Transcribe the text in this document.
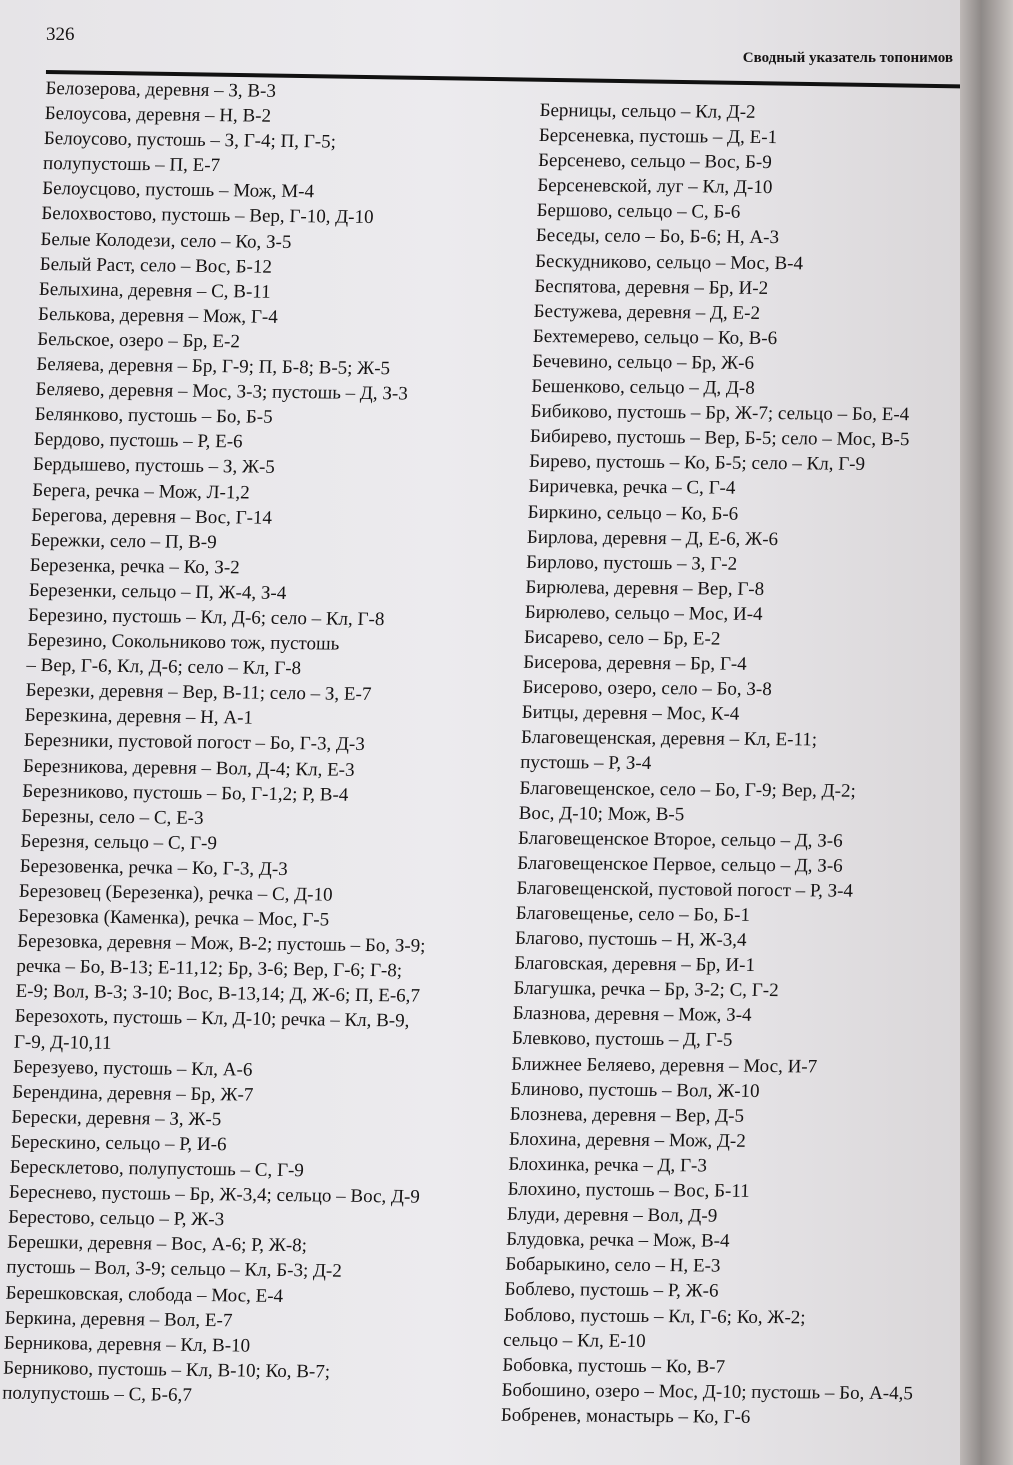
326
Сводный указатель топонимов
Белозерова, деревня – З, В-3
Белоусова, деревня – Н, В-2
Белоусово, пустошь – З, Г-4; П, Г-5;
полупустошь – П, Е-7
Белоусцово, пустошь – Мож, М-4
Белохвостово, пустошь – Вер, Г-10, Д-10
Белые Колодези, село – Ко, З-5
Белый Раст, село – Вос, Б-12
Белыхина, деревня – С, В-11
Белькова, деревня – Мож, Г-4
Бельское, озеро – Бр, Е-2
Беляева, деревня – Бр, Г-9; П, Б-8; В-5; Ж-5
Беляево, деревня – Мос, З-3; пустошь – Д, З-3
Белянково, пустошь – Бо, Б-5
Бердово, пустошь – Р, Е-6
Бердышево, пустошь – З, Ж-5
Берега, речка – Мож, Л-1,2
Берегова, деревня – Вос, Г-14
Бережки, село – П, В-9
Березенка, речка – Ко, З-2
Березенки, сельцо – П, Ж-4, З-4
Березино, пустошь – Кл, Д-6; село – Кл, Г-8
Березино, Сокольниково тож, пустошь
– Вер, Г-6, Кл, Д-6; село – Кл, Г-8
Березки, деревня – Вер, В-11; село – З, Е-7
Березкина, деревня – Н, А-1
Березники, пустовой погост – Бо, Г-3, Д-3
Березникова, деревня – Вол, Д-4; Кл, Е-3
Березниково, пустошь – Бо, Г-1,2; Р, В-4
Березны, село – С, Е-3
Березня, сельцо – С, Г-9
Березовенка, речка – Ко, Г-3, Д-3
Березовец (Березенка), речка – С, Д-10
Березовка (Каменка), речка – Мос, Г-5
Березовка, деревня – Мож, В-2; пустошь – Бо, З-9;
речка – Бо, В-13; Е-11,12; Бр, З-6; Вер, Г-6; Г-8;
Е-9; Вол, В-3; З-10; Вос, В-13,14; Д, Ж-6; П, Е-6,7
Березохоть, пустошь – Кл, Д-10; речка – Кл, В-9,
Г-9, Д-10,11
Березуево, пустошь – Кл, А-6
Берендина, деревня – Бр, Ж-7
Берески, деревня – З, Ж-5
Берескино, сельцо – Р, И-6
Бересклетово, полупустошь – С, Г-9
Береснево, пустошь – Бр, Ж-3,4; сельцо – Вос, Д-9
Берестово, сельцо – Р, Ж-3
Берешки, деревня – Вос, А-6; Р, Ж-8;
пустошь – Вол, З-9; сельцо – Кл, Б-3; Д-2
Берешковская, слобода – Мос, Е-4
Беркина, деревня – Вол, Е-7
Берникова, деревня – Кл, В-10
Берниково, пустошь – Кл, В-10; Ко, В-7;
полупустошь – С, Б-6,7
Берницы, сельцо – Кл, Д-2
Берсеневка, пустошь – Д, Е-1
Берсенево, сельцо – Вос, Б-9
Берсеневской, луг – Кл, Д-10
Бершово, сельцо – С, Б-6
Беседы, село – Бо, Б-6; Н, А-3
Бескудниково, сельцо – Мос, В-4
Беспятова, деревня – Бр, И-2
Бестужева, деревня – Д, Е-2
Бехтемерево, сельцо – Ко, В-6
Бечевино, сельцо – Бр, Ж-6
Бешенково, сельцо – Д, Д-8
Бибиково, пустошь – Бр, Ж-7; сельцо – Бо, Е-4
Бибирево, пустошь – Вер, Б-5; село – Мос, В-5
Бирево, пустошь – Ко, Б-5; село – Кл, Г-9
Биричевка, речка – С, Г-4
Биркино, сельцо – Ко, Б-6
Бирлова, деревня – Д, Е-6, Ж-6
Бирлово, пустошь – З, Г-2
Бирюлева, деревня – Вер, Г-8
Бирюлево, сельцо – Мос, И-4
Бисарево, село – Бр, Е-2
Бисерова, деревня – Бр, Г-4
Бисерово, озеро, село – Бо, З-8
Битцы, деревня – Мос, К-4
Благовещенская, деревня – Кл, Е-11;
пустошь – Р, З-4
Благовещенское, село – Бо, Г-9; Вер, Д-2;
Вос, Д-10; Мож, В-5
Благовещенское Второе, сельцо – Д, З-6
Благовещенское Первое, сельцо – Д, З-6
Благовещенской, пустовой погост – Р, З-4
Благовещенье, село – Бо, Б-1
Благово, пустошь – Н, Ж-3,4
Благовская, деревня – Бр, И-1
Благушка, речка – Бр, З-2; С, Г-2
Блазнова, деревня – Мож, З-4
Блевково, пустошь – Д, Г-5
Ближнее Беляево, деревня – Мос, И-7
Блиново, пустошь – Вол, Ж-10
Блознева, деревня – Вер, Д-5
Блохина, деревня – Мож, Д-2
Блохинка, речка – Д, Г-3
Блохино, пустошь – Вос, Б-11
Блуди, деревня – Вол, Д-9
Блудовка, речка – Мож, В-4
Бобарыкино, село – Н, Е-3
Боблево, пустошь – Р, Ж-6
Боблово, пустошь – Кл, Г-6; Ко, Ж-2;
сельцо – Кл, Е-10
Бобовка, пустошь – Ко, В-7
Бобошино, озеро – Мос, Д-10; пустошь – Бо, А-4,5
Бобренев, монастырь – Ко, Г-6
